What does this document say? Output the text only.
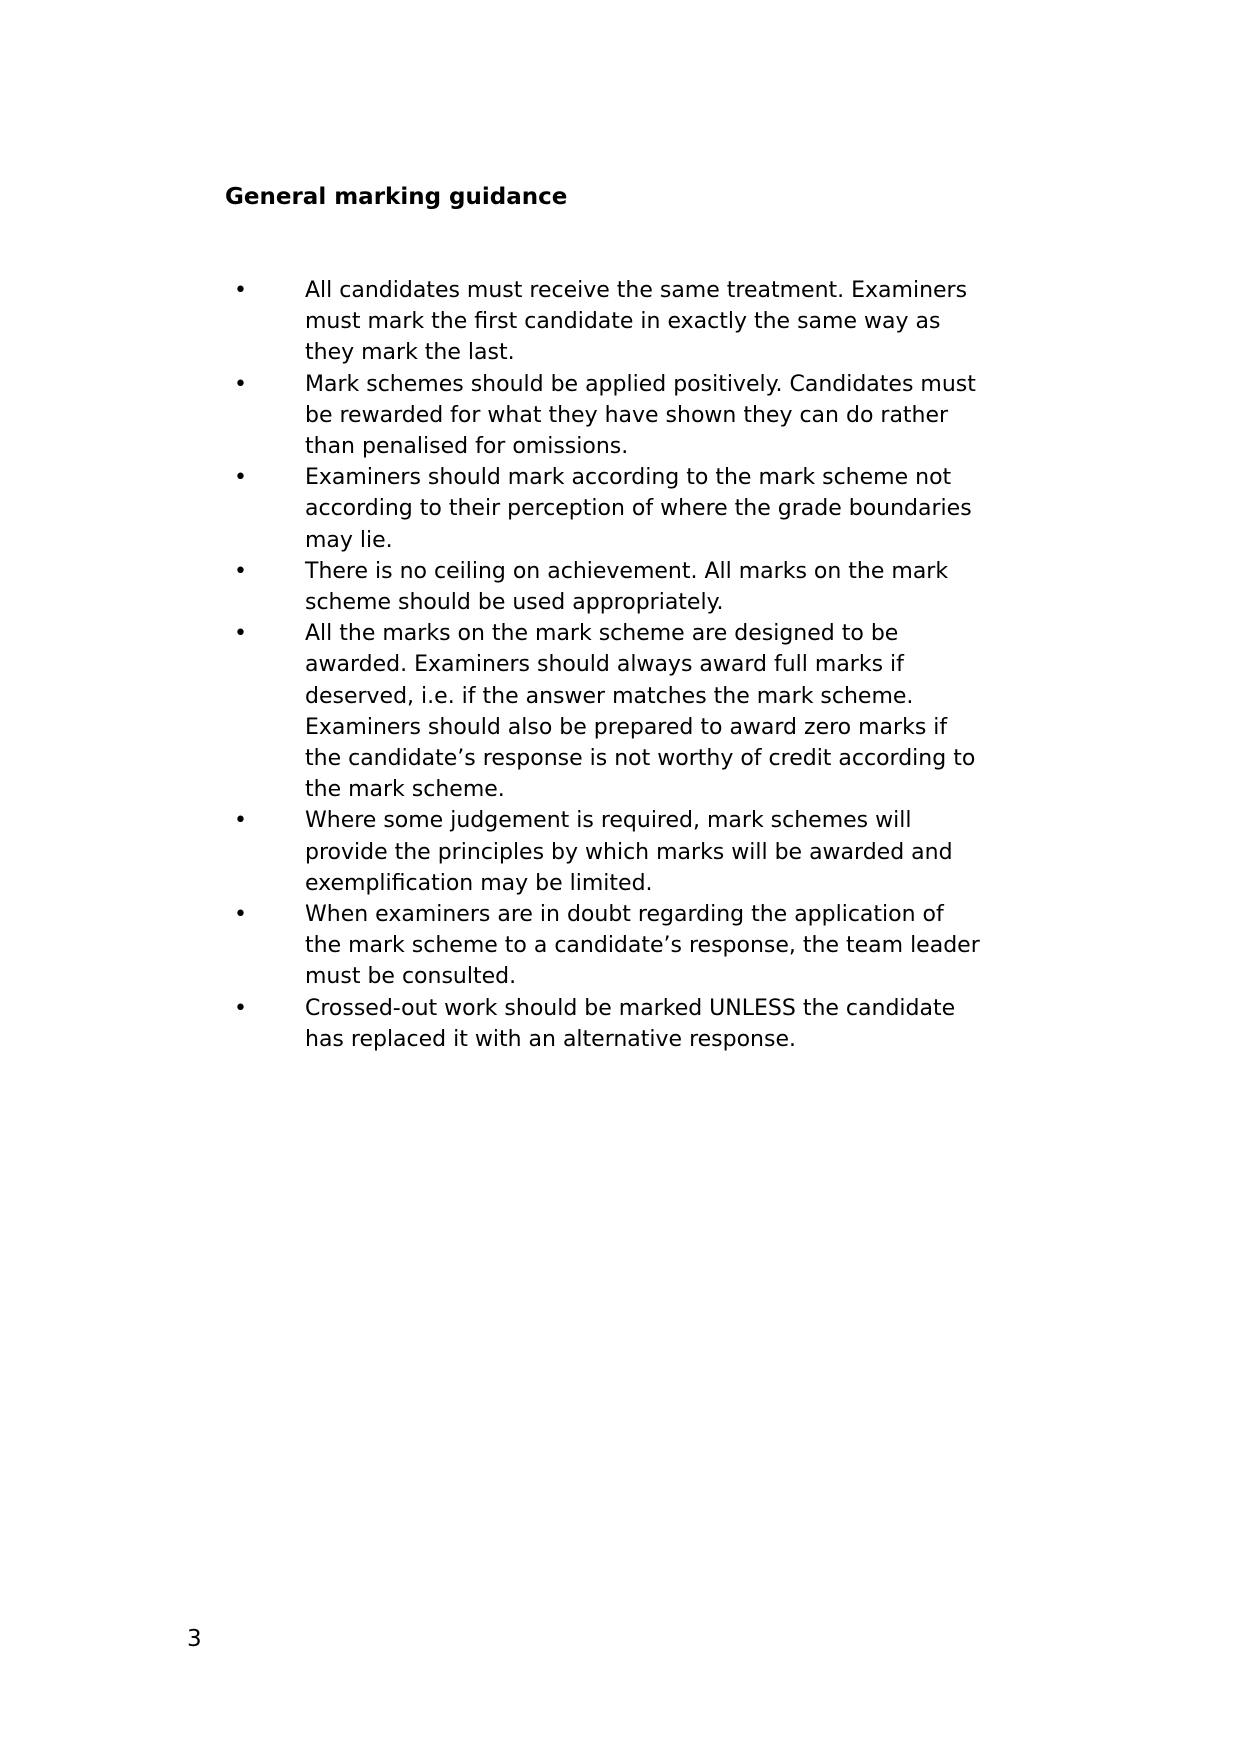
General marking guidance
•	All candidates must receive the same treatment. Examiners must mark the first candidate in exactly the same way as they mark the last.
•	Mark schemes should be applied positively. Candidates must be rewarded for what they have shown they can do rather than penalised for omissions.
•	Examiners should mark according to the mark scheme not according to their perception of where the grade boundaries may lie.
•	There is no ceiling on achievement. All marks on the mark scheme should be used appropriately.
•	All the marks on the mark scheme are designed to be awarded. Examiners should always award full marks if deserved, i.e. if the answer matches the mark scheme. Examiners should also be prepared to award zero marks if the candidate’s response is not worthy of credit according to the mark scheme.
•	Where some judgement is required, mark schemes will provide the principles by which marks will be awarded and exemplification may be limited.
•	When examiners are in doubt regarding the application of the mark scheme to a candidate’s response, the team leader must be consulted.
•	Crossed-out work should be marked UNLESS the candidate has replaced it with an alternative response.

3
